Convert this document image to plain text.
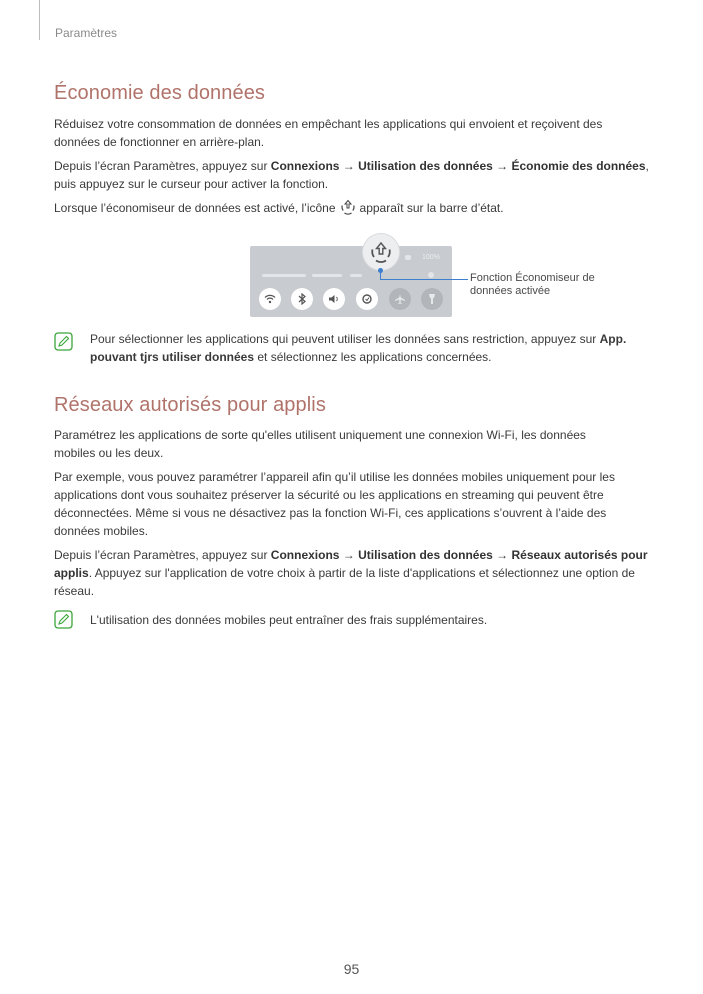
Paramètres
Économie des données

Réduisez votre consommation de données en empêchant les applications qui envoient et reçoivent des données de fonctionner en arrière-plan.

Depuis l’écran Paramètres, appuyez sur Connexions → Utilisation des données → Économie des données, puis appuyez sur le curseur pour activer la fonction.

Lorsque l’économiseur de données est activé, l’icône apparaît sur la barre d’état.

100%
Fonction Économiseur de données activée
Pour sélectionner les applications qui peuvent utiliser les données sans restriction, appuyez sur App. pouvant tjrs utiliser données et sélectionnez les applications concernées.
Réseaux autorisés pour applis

Paramétrez les applications de sorte qu'elles utilisent uniquement une connexion Wi-Fi, les données mobiles ou les deux.

Par exemple, vous pouvez paramétrer l’appareil afin qu’il utilise les données mobiles uniquement pour les applications dont vous souhaitez préserver la sécurité ou les applications en streaming qui peuvent être déconnectées. Même si vous ne désactivez pas la fonction Wi-Fi, ces applications s’ouvrent à l’aide des données mobiles.

Depuis l’écran Paramètres, appuyez sur Connexions → Utilisation des données → Réseaux autorisés pour applis. Appuyez sur l'application de votre choix à partir de la liste d'applications et sélectionnez une option de réseau.

L'utilisation des données mobiles peut entraîner des frais supplémentaires.
95
